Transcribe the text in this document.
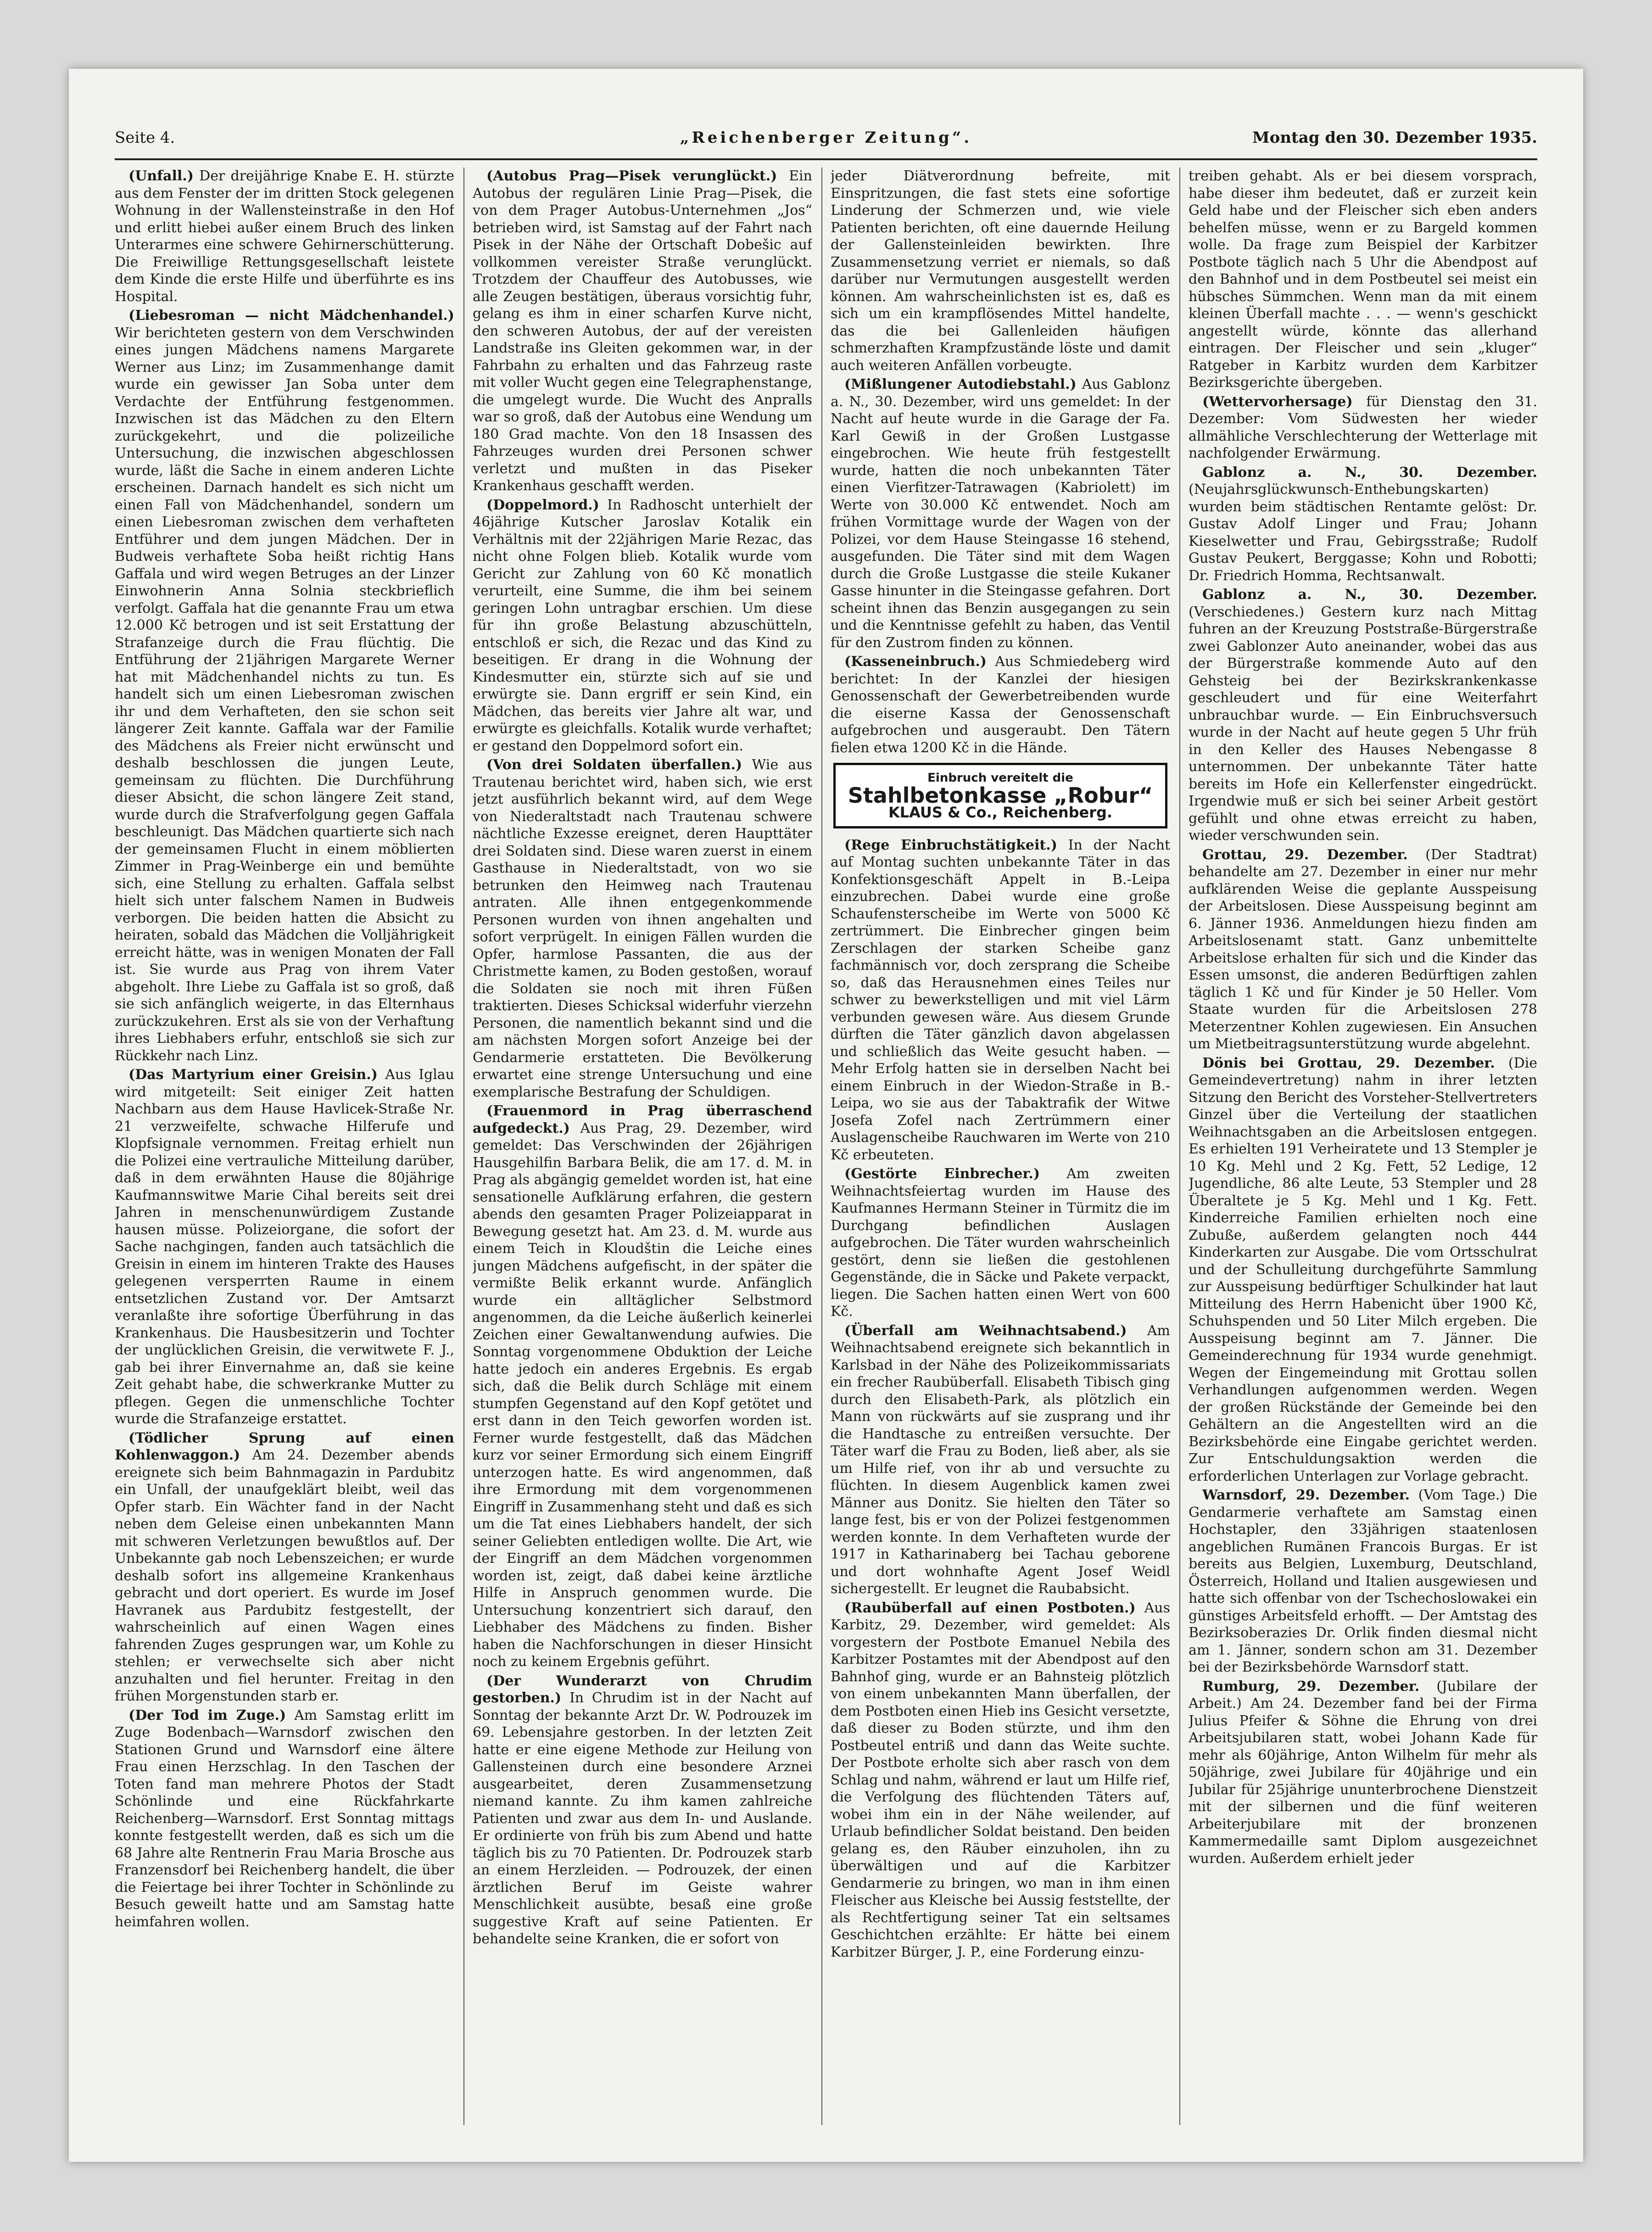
Seite 4.	„Reichenberger Zeitung“.	Montag den 30. Dezember 1935.

(Unfall.) Der dreijährige Knabe E. H. stürzte aus dem Fenster der im dritten Stock gelegenen Wohnung in der Wallensteinstraße in den Hof und erlitt hiebei außer einem Bruch des linken Unterarmes eine schwere Gehirnerschütterung. Die Freiwillige Rettungsgesellschaft leistete dem Kinde die erste Hilfe und überführte es ins Hospital.

(Liebesroman — nicht Mädchenhandel.) Wir berichteten gestern von dem Verschwinden eines jungen Mädchens namens Margarete Werner aus Linz; im Zusammenhange damit wurde ein gewisser Jan Soba unter dem Verdachte der Entführung festgenommen. Inzwischen ist das Mädchen zu den Eltern zurückgekehrt, und die polizeiliche Untersuchung, die inzwischen abgeschlossen wurde, läßt die Sache in einem anderen Lichte erscheinen. Darnach handelt es sich nicht um einen Fall von Mädchenhandel, sondern um einen Liebesroman zwischen dem verhafteten Entführer und dem jungen Mädchen. Der in Budweis verhaftete Soba heißt richtig Hans Gaffala und wird wegen Betruges an der Linzer Einwohnerin Anna Solnia steckbrieflich verfolgt. Gaffala hat die genannte Frau um etwa 12.000 Kč betrogen und ist seit Erstattung der Strafanzeige durch die Frau flüchtig. Die Entführung der 21jährigen Margarete Werner hat mit Mädchenhandel nichts zu tun. Es handelt sich um einen Liebesroman zwischen ihr und dem Verhafteten, den sie schon seit längerer Zeit kannte. Gaffala war der Familie des Mädchens als Freier nicht erwünscht und deshalb beschlossen die jungen Leute, gemeinsam zu flüchten. Die Durchführung dieser Absicht, die schon längere Zeit stand, wurde durch die Strafverfolgung gegen Gaffala beschleunigt. Das Mädchen quartierte sich nach der gemeinsamen Flucht in einem möblierten Zimmer in Prag-Weinberge ein und bemühte sich, eine Stellung zu erhalten. Gaffala selbst hielt sich unter falschem Namen in Budweis verborgen. Die beiden hatten die Absicht zu heiraten, sobald das Mädchen die Volljährigkeit erreicht hätte, was in wenigen Monaten der Fall ist. Sie wurde aus Prag von ihrem Vater abgeholt. Ihre Liebe zu Gaffala ist so groß, daß sie sich anfänglich weigerte, in das Elternhaus zurückzukehren. Erst als sie von der Verhaftung ihres Liebhabers erfuhr, entschloß sie sich zur Rückkehr nach Linz.

(Das Martyrium einer Greisin.) Aus Iglau wird mitgeteilt: Seit einiger Zeit hatten Nachbarn aus dem Hause Havlicek-Straße Nr. 21 verzweifelte, schwache Hilferufe und Klopfsignale vernommen. Freitag erhielt nun die Polizei eine vertrauliche Mitteilung darüber, daß in dem erwähnten Hause die 80jährige Kaufmannswitwe Marie Cihal bereits seit drei Jahren in menschenunwürdigem Zustande hausen müsse. Polizeiorgane, die sofort der Sache nachgingen, fanden auch tatsächlich die Greisin in einem im hinteren Trakte des Hauses gelegenen versperrten Raume in einem entsetzlichen Zustand vor. Der Amtsarzt veranlaßte ihre sofortige Überführung in das Krankenhaus. Die Hausbesitzerin und Tochter der unglücklichen Greisin, die verwitwete F. J., gab bei ihrer Einvernahme an, daß sie keine Zeit gehabt habe, die schwerkranke Mutter zu pflegen. Gegen die unmenschliche Tochter wurde die Strafanzeige erstattet.

(Tödlicher Sprung auf einen Kohlenwaggon.) Am 24. Dezember abends ereignete sich beim Bahnmagazin in Pardubitz ein Unfall, der unaufgeklärt bleibt, weil das Opfer starb. Ein Wächter fand in der Nacht neben dem Geleise einen unbekannten Mann mit schweren Verletzungen bewußtlos auf. Der Unbekannte gab noch Lebenszeichen; er wurde deshalb sofort ins allgemeine Krankenhaus gebracht und dort operiert. Es wurde im Josef Havranek aus Pardubitz festgestellt, der wahrscheinlich auf einen Wagen eines fahrenden Zuges gesprungen war, um Kohle zu stehlen; er verwechselte sich aber nicht anzuhalten und fiel herunter. Freitag in den frühen Morgenstunden starb er.

(Der Tod im Zuge.) Am Samstag erlitt im Zuge Bodenbach—Warnsdorf zwischen den Stationen Grund und Warnsdorf eine ältere Frau einen Herzschlag. In den Taschen der Toten fand man mehrere Photos der Stadt Schönlinde und eine Rückfahrkarte Reichenberg—Warnsdorf. Erst Sonntag mittags konnte festgestellt werden, daß es sich um die 68 Jahre alte Rentnerin Frau Maria Brosche aus Franzensdorf bei Reichenberg handelt, die über die Feiertage bei ihrer Tochter in Schönlinde zu Besuch geweilt hatte und am Samstag hatte heimfahren wollen.

(Autobus Prag—Pisek verunglückt.) Ein Autobus der regulären Linie Prag—Pisek, die von dem Prager Autobus-Unternehmen „Jos“ betrieben wird, ist Samstag auf der Fahrt nach Pisek in der Nähe der Ortschaft Dobešic auf vollkommen vereister Straße verunglückt. Trotzdem der Chauffeur des Autobusses, wie alle Zeugen bestätigen, überaus vorsichtig fuhr, gelang es ihm in einer scharfen Kurve nicht, den schweren Autobus, der auf der vereisten Landstraße ins Gleiten gekommen war, in der Fahrbahn zu erhalten und das Fahrzeug raste mit voller Wucht gegen eine Telegraphenstange, die umgelegt wurde. Die Wucht des Anpralls war so groß, daß der Autobus eine Wendung um 180 Grad machte. Von den 18 Insassen des Fahrzeuges wurden drei Personen schwer verletzt und mußten in das Piseker Krankenhaus geschafft werden.

(Doppelmord.) In Radhoscht unterhielt der 46jährige Kutscher Jaroslav Kotalik ein Verhältnis mit der 22jährigen Marie Rezac, das nicht ohne Folgen blieb. Kotalik wurde vom Gericht zur Zahlung von 60 Kč monatlich verurteilt, eine Summe, die ihm bei seinem geringen Lohn untragbar erschien. Um diese für ihn große Belastung abzuschütteln, entschloß er sich, die Rezac und das Kind zu beseitigen. Er drang in die Wohnung der Kindesmutter ein, stürzte sich auf sie und erwürgte sie. Dann ergriff er sein Kind, ein Mädchen, das bereits vier Jahre alt war, und erwürgte es gleichfalls. Kotalik wurde verhaftet; er gestand den Doppelmord sofort ein.

(Von drei Soldaten überfallen.) Wie aus Trautenau berichtet wird, haben sich, wie erst jetzt ausführlich bekannt wird, auf dem Wege von Niederaltstadt nach Trautenau schwere nächtliche Exzesse ereignet, deren Haupttäter drei Soldaten sind. Diese waren zuerst in einem Gasthause in Niederaltstadt, von wo sie betrunken den Heimweg nach Trautenau antraten. Alle ihnen entgegenkommende Personen wurden von ihnen angehalten und sofort verprügelt. In einigen Fällen wurden die Opfer, harmlose Passanten, die aus der Christmette kamen, zu Boden gestoßen, worauf die Soldaten sie noch mit ihren Füßen traktierten. Dieses Schicksal widerfuhr vierzehn Personen, die namentlich bekannt sind und die am nächsten Morgen sofort Anzeige bei der Gendarmerie erstatteten. Die Bevölkerung erwartet eine strenge Untersuchung und eine exemplarische Bestrafung der Schuldigen.

(Frauenmord in Prag überraschend aufgedeckt.) Aus Prag, 29. Dezember, wird gemeldet: Das Verschwinden der 26jährigen Hausgehilfin Barbara Belik, die am 17. d. M. in Prag als abgängig gemeldet worden ist, hat eine sensationelle Aufklärung erfahren, die gestern abends den gesamten Prager Polizeiapparat in Bewegung gesetzt hat. Am 23. d. M. wurde aus einem Teich in Kloudštin die Leiche eines jungen Mädchens aufgefischt, in der später die vermißte Belik erkannt wurde. Anfänglich wurde ein alltäglicher Selbstmord angenommen, da die Leiche äußerlich keinerlei Zeichen einer Gewaltanwendung aufwies. Die Sonntag vorgenommene Obduktion der Leiche hatte jedoch ein anderes Ergebnis. Es ergab sich, daß die Belik durch Schläge mit einem stumpfen Gegenstand auf den Kopf getötet und erst dann in den Teich geworfen worden ist. Ferner wurde festgestellt, daß das Mädchen kurz vor seiner Ermordung sich einem Eingriff unterzogen hatte. Es wird angenommen, daß ihre Ermordung mit dem vorgenommenen Eingriff in Zusammenhang steht und daß es sich um die Tat eines Liebhabers handelt, der sich seiner Geliebten entledigen wollte. Die Art, wie der Eingriff an dem Mädchen vorgenommen worden ist, zeigt, daß dabei keine ärztliche Hilfe in Anspruch genommen wurde. Die Untersuchung konzentriert sich darauf, den Liebhaber des Mädchens zu finden. Bisher haben die Nachforschungen in dieser Hinsicht noch zu keinem Ergebnis geführt.

(Der Wunderarzt von Chrudim gestorben.) In Chrudim ist in der Nacht auf Sonntag der bekannte Arzt Dr. W. Podrouzek im 69. Lebensjahre gestorben. In der letzten Zeit hatte er eine eigene Methode zur Heilung von Gallensteinen durch eine besondere Arznei ausgearbeitet, deren Zusammensetzung niemand kannte. Zu ihm kamen zahlreiche Patienten und zwar aus dem In- und Auslande. Er ordinierte von früh bis zum Abend und hatte täglich bis zu 70 Patienten. Dr. Podrouzek starb an einem Herzleiden. — Podrouzek, der einen ärztlichen Beruf im Geiste wahrer Menschlichkeit ausübte, besaß eine große suggestive Kraft auf seine Patienten. Er behandelte seine Kranken, die er sofort von

jeder Diätverordnung befreite, mit Einspritzungen, die fast stets eine sofortige Linderung der Schmerzen und, wie viele Patienten berichten, oft eine dauernde Heilung der Gallensteinleiden bewirkten. Ihre Zusammensetzung verriet er niemals, so daß darüber nur Vermutungen ausgestellt werden können. Am wahrscheinlichsten ist es, daß es sich um ein krampflösendes Mittel handelte, das die bei Gallenleiden häufigen schmerzhaften Krampfzustände löste und damit auch weiteren Anfällen vorbeugte.

(Mißlungener Autodiebstahl.) Aus Gablonz a. N., 30. Dezember, wird uns gemeldet: In der Nacht auf heute wurde in die Garage der Fa. Karl Gewiß in der Großen Lustgasse eingebrochen. Wie heute früh festgestellt wurde, hatten die noch unbekannten Täter einen Vierfitzer-Tatrawagen (Kabriolett) im Werte von 30.000 Kč entwendet. Noch am frühen Vormittage wurde der Wagen von der Polizei, vor dem Hause Steingasse 16 stehend, ausgefunden. Die Täter sind mit dem Wagen durch die Große Lustgasse die steile Kukaner Gasse hinunter in die Steingasse gefahren. Dort scheint ihnen das Benzin ausgegangen zu sein und die Kenntnisse gefehlt zu haben, das Ventil für den Zustrom finden zu können.

(Kasseneinbruch.) Aus Schmiedeberg wird berichtet: In der Kanzlei der hiesigen Genossenschaft der Gewerbetreibenden wurde die eiserne Kassa der Genossenschaft aufgebrochen und ausgeraubt. Den Tätern fielen etwa 1200 Kč in die Hände.

Einbruch vereitelt die
Stahlbetonkasse „Robur“
KLAUS & Co., Reichenberg.

(Rege Einbruchstätigkeit.) In der Nacht auf Montag suchten unbekannte Täter in das Konfektionsgeschäft Appelt in B.-Leipa einzubrechen. Dabei wurde eine große Schaufensterscheibe im Werte von 5000 Kč zertrümmert. Die Einbrecher gingen beim Zerschlagen der starken Scheibe ganz fachmännisch vor, doch zersprang die Scheibe so, daß das Herausnehmen eines Teiles nur schwer zu bewerkstelligen und mit viel Lärm verbunden gewesen wäre. Aus diesem Grunde dürften die Täter gänzlich davon abgelassen und schließlich das Weite gesucht haben. — Mehr Erfolg hatten sie in derselben Nacht bei einem Einbruch in der Wiedon-Straße in B.-Leipa, wo sie aus der Tabaktrafik der Witwe Josefa Zofel nach Zertrümmern einer Auslagenscheibe Rauchwaren im Werte von 210 Kč erbeuteten.

(Gestörte Einbrecher.) Am zweiten Weihnachtsfeiertag wurden im Hause des Kaufmannes Hermann Steiner in Türmitz die im Durchgang befindlichen Auslagen aufgebrochen. Die Täter wurden wahrscheinlich gestört, denn sie ließen die gestohlenen Gegenstände, die in Säcke und Pakete verpackt, liegen. Die Sachen hatten einen Wert von 600 Kč.

(Überfall am Weihnachtsabend.) Am Weihnachtsabend ereignete sich bekanntlich in Karlsbad in der Nähe des Polizeikommissariats ein frecher Raubüberfall. Elisabeth Tibisch ging durch den Elisabeth-Park, als plötzlich ein Mann von rückwärts auf sie zusprang und ihr die Handtasche zu entreißen versuchte. Der Täter warf die Frau zu Boden, ließ aber, als sie um Hilfe rief, von ihr ab und versuchte zu flüchten. In diesem Augenblick kamen zwei Männer aus Donitz. Sie hielten den Täter so lange fest, bis er von der Polizei festgenommen werden konnte. In dem Verhafteten wurde der 1917 in Katharinaberg bei Tachau geborene und dort wohnhafte Agent Josef Weidl sichergestellt. Er leugnet die Raubabsicht.

(Raubüberfall auf einen Postboten.) Aus Karbitz, 29. Dezember, wird gemeldet: Als vorgestern der Postbote Emanuel Nebila des Karbitzer Postamtes mit der Abendpost auf den Bahnhof ging, wurde er an Bahnsteig plötzlich von einem unbekannten Mann überfallen, der dem Postboten einen Hieb ins Gesicht versetzte, daß dieser zu Boden stürzte, und ihm den Postbeutel entriß und dann das Weite suchte. Der Postbote erholte sich aber rasch von dem Schlag und nahm, während er laut um Hilfe rief, die Verfolgung des flüchtenden Täters auf, wobei ihm ein in der Nähe weilender, auf Urlaub befindlicher Soldat beistand. Den beiden gelang es, den Räuber einzuholen, ihn zu überwältigen und auf die Karbitzer Gendarmerie zu bringen, wo man in ihm einen Fleischer aus Kleische bei Aussig feststellte, der als Rechtfertigung seiner Tat ein seltsames Geschichtchen erzählte: Er hätte bei einem Karbitzer Bürger, J. P., eine Forderung einzu-

treiben gehabt. Als er bei diesem vorsprach, habe dieser ihm bedeutet, daß er zurzeit kein Geld habe und der Fleischer sich eben anders behelfen müsse, wenn er zu Bargeld kommen wolle. Da frage zum Beispiel der Karbitzer Postbote täglich nach 5 Uhr die Abendpost auf den Bahnhof und in dem Postbeutel sei meist ein hübsches Sümmchen. Wenn man da mit einem kleinen Überfall machte . . . — wenn's geschickt angestellt würde, könnte das allerhand eintragen. Der Fleischer und sein „kluger“ Ratgeber in Karbitz wurden dem Karbitzer Bezirksgerichte übergeben.

(Wettervorhersage) für Dienstag den 31. Dezember: Vom Südwesten her wieder allmähliche Verschlechterung der Wetterlage mit nachfolgender Erwärmung.

Gablonz a. N., 30. Dezember. (Neujahrsglückwunsch-Enthebungskarten) wurden beim städtischen Rentamte gelöst: Dr. Gustav Adolf Linger und Frau; Johann Kieselwetter und Frau, Gebirgsstraße; Rudolf Gustav Peukert, Berggasse; Kohn und Robotti; Dr. Friedrich Homma, Rechtsanwalt.

Gablonz a. N., 30. Dezember. (Verschiedenes.) Gestern kurz nach Mittag fuhren an der Kreuzung Poststraße-Bürgerstraße zwei Gablonzer Auto aneinander, wobei das aus der Bürgerstraße kommende Auto auf den Gehsteig bei der Bezirkskrankenkasse geschleudert und für eine Weiterfahrt unbrauchbar wurde. — Ein Einbruchsversuch wurde in der Nacht auf heute gegen 5 Uhr früh in den Keller des Hauses Nebengasse 8 unternommen. Der unbekannte Täter hatte bereits im Hofe ein Kellerfenster eingedrückt. Irgendwie muß er sich bei seiner Arbeit gestört gefühlt und ohne etwas erreicht zu haben, wieder verschwunden sein.

Grottau, 29. Dezember. (Der Stadtrat) behandelte am 27. Dezember in einer nur mehr aufklärenden Weise die geplante Ausspeisung der Arbeitslosen. Diese Ausspeisung beginnt am 6. Jänner 1936. Anmeldungen hiezu finden am Arbeitslosenamt statt. Ganz unbemittelte Arbeitslose erhalten für sich und die Kinder das Essen umsonst, die anderen Bedürftigen zahlen täglich 1 Kč und für Kinder je 50 Heller. Vom Staate wurden für die Arbeitslosen 278 Meterzentner Kohlen zugewiesen. Ein Ansuchen um Mietbeitragsunterstützung wurde abgelehnt.

Dönis bei Grottau, 29. Dezember. (Die Gemeindevertretung) nahm in ihrer letzten Sitzung den Bericht des Vorsteher-Stellvertreters Ginzel über die Verteilung der staatlichen Weihnachtsgaben an die Arbeitslosen entgegen. Es erhielten 191 Verheiratete und 13 Stempler je 10 Kg. Mehl und 2 Kg. Fett, 52 Ledige, 12 Jugendliche, 86 alte Leute, 53 Stempler und 28 Überaltete je 5 Kg. Mehl und 1 Kg. Fett. Kinderreiche Familien erhielten noch eine Zubuße, außerdem gelangten noch 444 Kinderkarten zur Ausgabe. Die vom Ortsschulrat und der Schulleitung durchgeführte Sammlung zur Ausspeisung bedürftiger Schulkinder hat laut Mitteilung des Herrn Habenicht über 1900 Kč, Schuhspenden und 50 Liter Milch ergeben. Die Ausspeisung beginnt am 7. Jänner. Die Gemeinderechnung für 1934 wurde genehmigt. Wegen der Eingemeindung mit Grottau sollen Verhandlungen aufgenommen werden. Wegen der großen Rückstände der Gemeinde bei den Gehältern an die Angestellten wird an die Bezirksbehörde eine Eingabe gerichtet werden. Zur Entschuldungsaktion werden die erforderlichen Unterlagen zur Vorlage gebracht.

Warnsdorf, 29. Dezember. (Vom Tage.) Die Gendarmerie verhaftete am Samstag einen Hochstapler, den 33jährigen staatenlosen angeblichen Rumänen Francois Burgas. Er ist bereits aus Belgien, Luxemburg, Deutschland, Österreich, Holland und Italien ausgewiesen und hatte sich offenbar von der Tschechoslowakei ein günstiges Arbeitsfeld erhofft. — Der Amtstag des Bezirksoberazies Dr. Orlik finden diesmal nicht am 1. Jänner, sondern schon am 31. Dezember bei der Bezirksbehörde Warnsdorf statt.

Rumburg, 29. Dezember. (Jubilare der Arbeit.) Am 24. Dezember fand bei der Firma Julius Pfeifer & Söhne die Ehrung von drei Arbeitsjubilaren statt, wobei Johann Kade für mehr als 60jährige, Anton Wilhelm für mehr als 50jährige, zwei Jubilare für 40jährige und ein Jubilar für 25jährige ununterbrochene Dienstzeit mit der silbernen und die fünf weiteren Arbeiterjubilare mit der bronzenen Kammermedaille samt Diplom ausgezeichnet wurden. Außerdem erhielt jeder
